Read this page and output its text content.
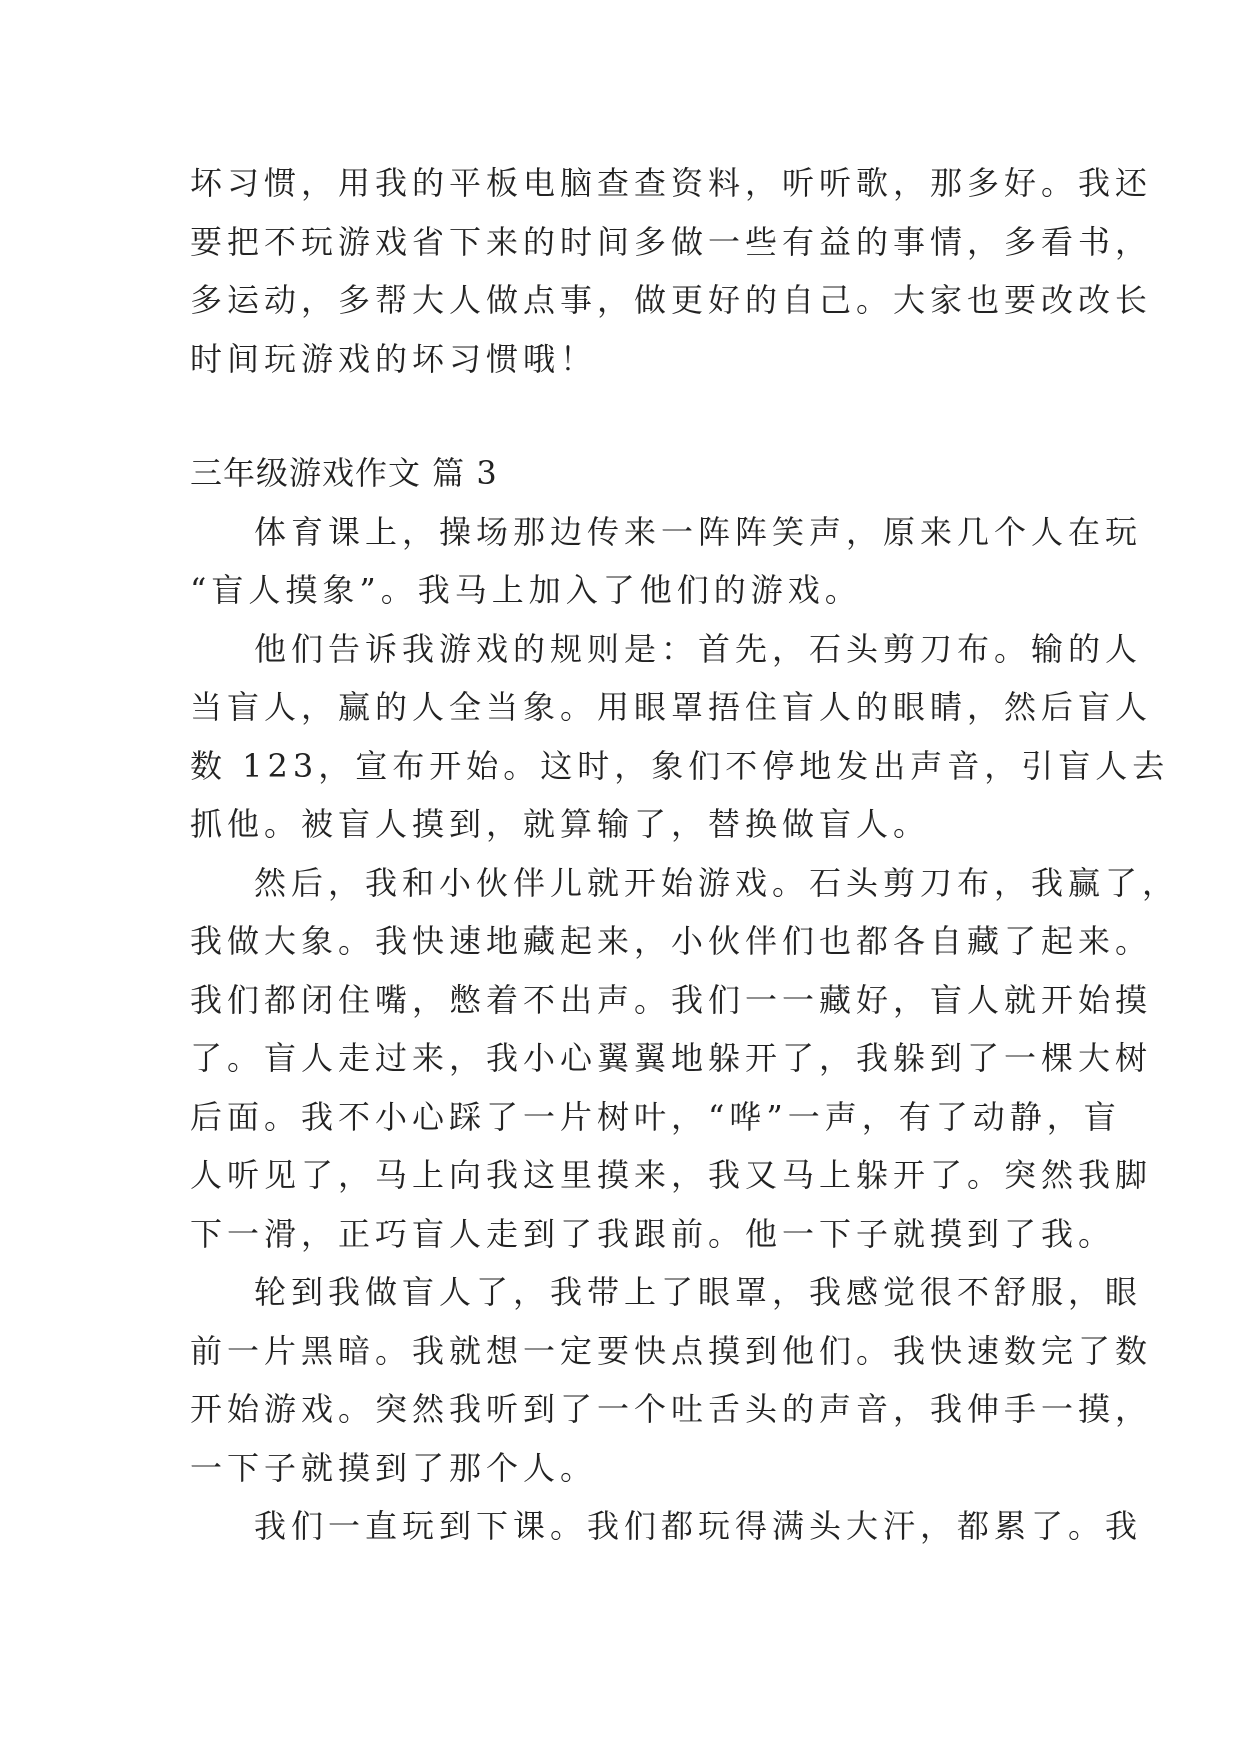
坏习惯，用我的平板电脑查查资料，听听歌，那多好。我还
要把不玩游戏省下来的时间多做一些有益的事情，多看书，
多运动，多帮大人做点事，做更好的自己。大家也要改改长
时间玩游戏的坏习惯哦！
三年级游戏作文 篇 3
体育课上，操场那边传来一阵阵笑声，原来几个人在玩
“盲人摸象”。我马上加入了他们的游戏。
他们告诉我游戏的规则是：首先，石头剪刀布。输的人
当盲人，赢的人全当象。用眼罩捂住盲人的眼睛，然后盲人
数 123，宣布开始。这时，象们不停地发出声音，引盲人去
抓他。被盲人摸到，就算输了，替换做盲人。
然后，我和小伙伴儿就开始游戏。石头剪刀布，我赢了，
我做大象。我快速地藏起来，小伙伴们也都各自藏了起来。
我们都闭住嘴，憋着不出声。我们一一藏好，盲人就开始摸
了。盲人走过来，我小心翼翼地躲开了，我躲到了一棵大树
后面。我不小心踩了一片树叶，“哗”一声，有了动静，盲
人听见了，马上向我这里摸来，我又马上躲开了。突然我脚
下一滑，正巧盲人走到了我跟前。他一下子就摸到了我。
轮到我做盲人了，我带上了眼罩，我感觉很不舒服，眼
前一片黑暗。我就想一定要快点摸到他们。我快速数完了数
开始游戏。突然我听到了一个吐舌头的声音，我伸手一摸，
一下子就摸到了那个人。
我们一直玩到下课。我们都玩得满头大汗，都累了。我
